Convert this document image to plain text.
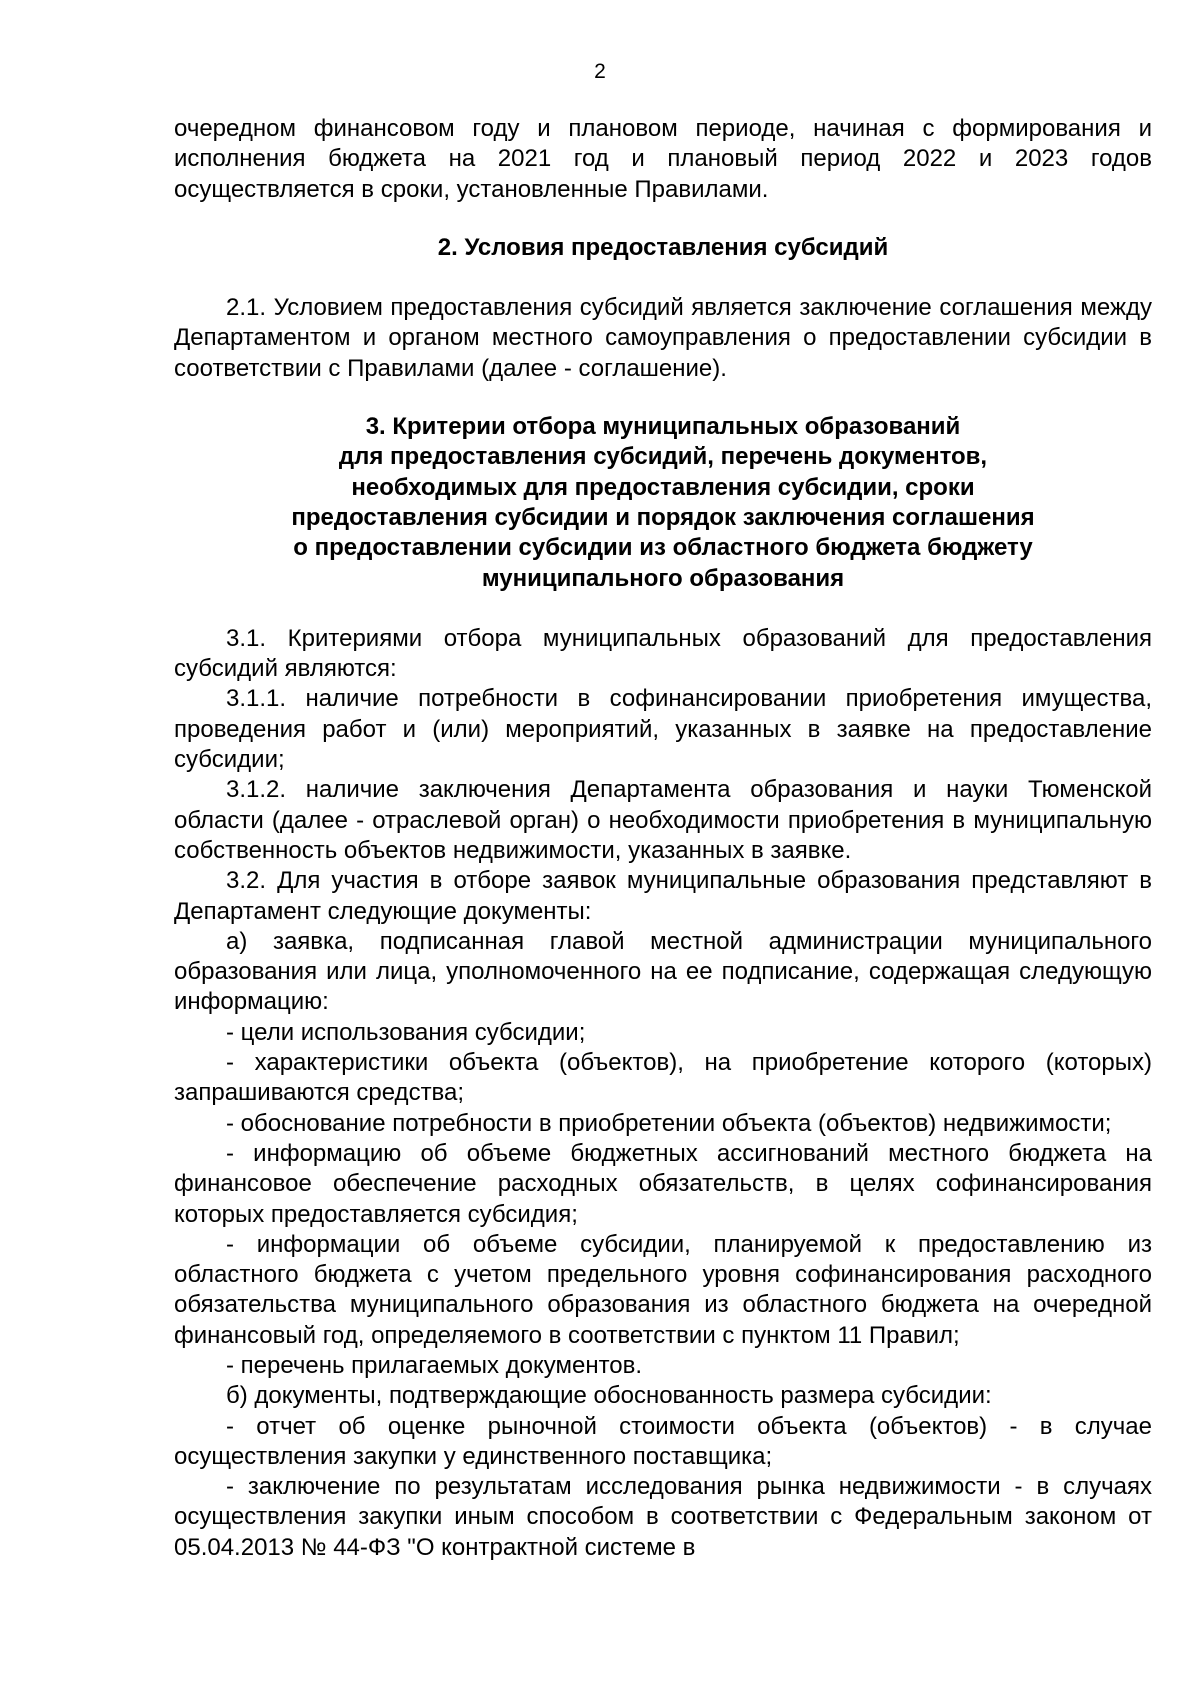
2

очередном финансовом году и плановом периоде, начиная с формирования и исполнения бюджета на 2021 год и плановый период 2022 и 2023 годов осуществляется в сроки, установленные Правилами.

2. Условия предоставления субсидий

2.1. Условием предоставления субсидий является заключение соглашения между Департаментом и органом местного самоуправления о предоставлении субсидии в соответствии с Правилами (далее - соглашение).

3. Критерии отбора муниципальных образований

для предоставления субсидий, перечень документов,

необходимых для предоставления субсидии, сроки

предоставления субсидии и порядок заключения соглашения

о предоставлении субсидии из областного бюджета бюджету

муниципального образования

3.1. Критериями отбора муниципальных образований для предоставления субсидий являются:

3.1.1. наличие потребности в софинансировании приобретения имущества, проведения работ и (или) мероприятий, указанных в заявке на предоставление субсидии;

3.1.2. наличие заключения Департамента образования и науки Тюменской области (далее - отраслевой орган) о необходимости приобретения в муниципальную собственность объектов недвижимости, указанных в заявке.

3.2. Для участия в отборе заявок муниципальные образования представляют в Департамент следующие документы:

а) заявка, подписанная главой местной администрации муниципального образования или лица, уполномоченного на ее подписание, содержащая следующую информацию:

- цели использования субсидии;

- характеристики объекта (объектов), на приобретение которого (которых) запрашиваются средства;

- обоснование потребности в приобретении объекта (объектов) недвижимости;

- информацию об объеме бюджетных ассигнований местного бюджета на финансовое обеспечение расходных обязательств, в целях софинансирования которых предоставляется субсидия;

- информации об объеме субсидии, планируемой к предоставлению из областного бюджета с учетом предельного уровня софинансирования расходного обязательства муниципального образования из областного бюджета на очередной финансовый год, определяемого в соответствии с пунктом 11 Правил;

- перечень прилагаемых документов.

б) документы, подтверждающие обоснованность размера субсидии:

- отчет об оценке рыночной стоимости объекта (объектов) - в случае осуществления закупки у единственного поставщика;

- заключение по результатам исследования рынка недвижимости - в случаях осуществления закупки иным способом в соответствии с Федеральным законом от 05.04.2013 № 44-ФЗ "О контрактной системе в
